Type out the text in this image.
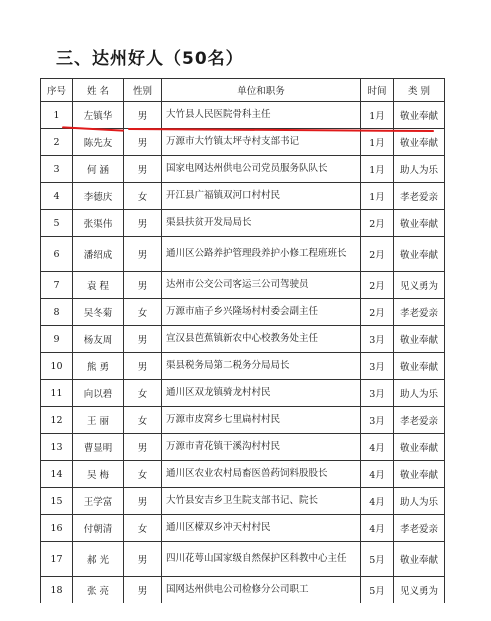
三、达州好人（50名）
序号	姓 名	性别	单位和职务	时间	类 别
1	左镇华	男	大竹县人民医院骨科主任	1月	敬业奉献
2	陈先友	男	万源市大竹镇太坪寺村支部书记	1月	敬业奉献
3	何 涵	男	国家电网达州供电公司党员服务队队长	1月	助人为乐
4	李德庆	女	开江县广福镇双河口村村民	1月	孝老爱亲
5	张渠伟	男	渠县扶贫开发局局长	2月	敬业奉献
6	潘绍成	男	通川区公路养护管理段养护小修工程班班长	2月	敬业奉献
7	袁 程	男	达州市公交公司客运三公司驾驶员	2月	见义勇为
8	吴冬菊	女	万源市庙子乡兴隆场村村委会副主任	2月	孝老爱亲
9	杨友周	男	宣汉县芭蕉镇新农中心校教务处主任	3月	敬业奉献
10	熊 勇	男	渠县税务局第二税务分局局长	3月	敬业奉献
11	向以碧	女	通川区双龙镇骑龙村村民	3月	助人为乐
12	王 丽	女	万源市皮窝乡七里扁村村民	3月	孝老爱亲
13	曹显明	男	万源市青花镇干溪沟村村民	4月	敬业奉献
14	吴 梅	女	通川区农业农村局畜医兽药饲料股股长	4月	敬业奉献
15	王学富	男	大竹县安吉乡卫生院支部书记、院长	4月	助人为乐
16	付朝清	女	通川区檬双乡冲天村村民	4月	孝老爱亲
17	郝 光	男	四川花萼山国家级自然保护区科教中心主任	5月	敬业奉献
18	张 亮	男	国网达州供电公司检修分公司职工	5月	见义勇为
